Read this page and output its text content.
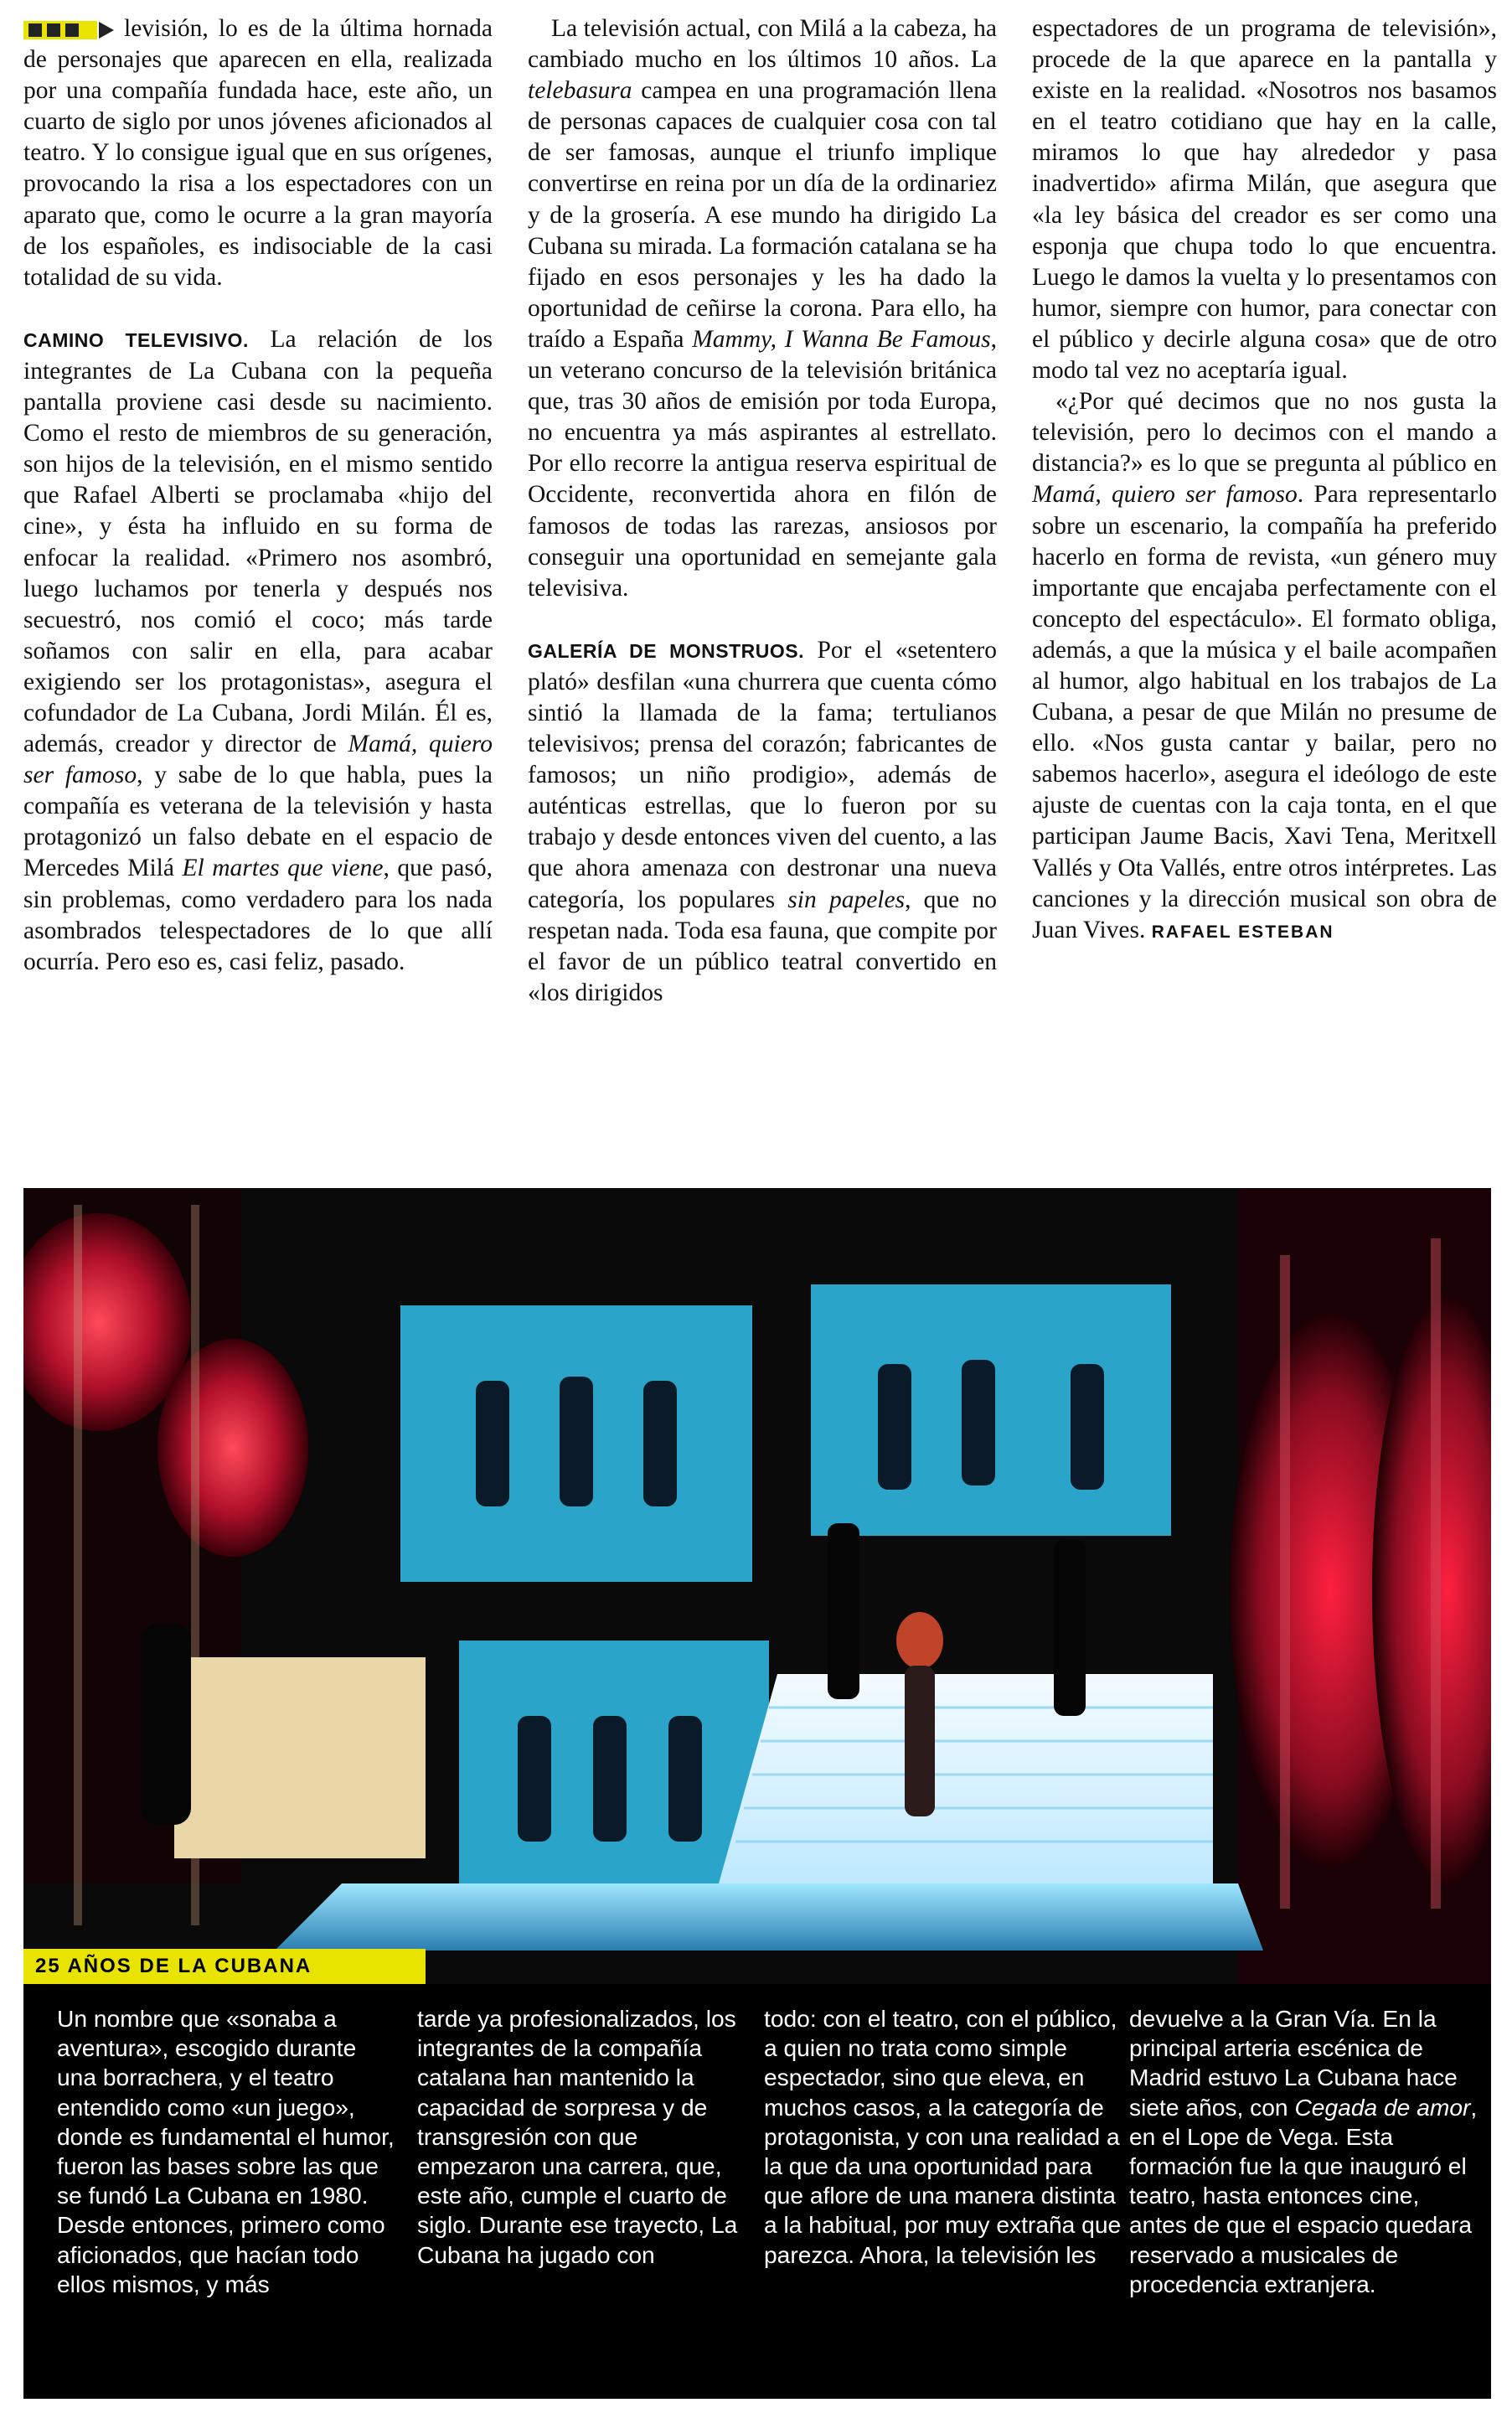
levisión, lo es de la última hornada de personajes que aparecen en ella, realizada por una compañía fundada hace, este año, un cuarto de siglo por unos jóvenes aficionados al teatro. Y lo consigue igual que en sus orígenes, provocando la risa a los espectadores con un aparato que, como le ocurre a la gran mayoría de los españoles, es indisociable de la casi totalidad de su vida.

CAMINO TELEVISIVO. La relación de los integrantes de La Cubana con la pequeña pantalla proviene casi desde su nacimiento. Como el resto de miembros de su generación, son hijos de la televisión, en el mismo sentido que Rafael Alberti se proclamaba «hijo del cine», y ésta ha influido en su forma de enfocar la realidad. «Primero nos asombró, luego luchamos por tenerla y después nos secuestró, nos comió el coco; más tarde soñamos con salir en ella, para acabar exigiendo ser los protagonistas», asegura el cofundador de La Cubana, Jordi Milán. Él es, además, creador y director de Mamá, quiero ser famoso, y sabe de lo que habla, pues la compañía es veterana de la televisión y hasta protagonizó un falso debate en el espacio de Mercedes Milá El martes que viene, que pasó, sin problemas, como verdadero para los nada asombrados telespectadores de lo que allí ocurría. Pero eso es, casi feliz, pasado.

La televisión actual, con Milá a la cabeza, ha cambiado mucho en los últimos 10 años. La telebasura campea en una programación llena de personas capaces de cualquier cosa con tal de ser famosas, aunque el triunfo implique convertirse en reina por un día de la ordinariez y de la grosería. A ese mundo ha dirigido La Cubana su mirada. La formación catalana se ha fijado en esos personajes y les ha dado la oportunidad de ceñirse la corona. Para ello, ha traído a España Mammy, I Wanna Be Famous, un veterano concurso de la televisión británica que, tras 30 años de emisión por toda Europa, no encuentra ya más aspirantes al estrellato. Por ello recorre la antigua reserva espiritual de Occidente, reconvertida ahora en filón de famosos de todas las rarezas, ansiosos por conseguir una oportunidad en semejante gala televisiva.

GALERÍA DE MONSTRUOS. Por el «setentero plató» desfilan «una churrera que cuenta cómo sintió la llamada de la fama; tertulianos televisivos; prensa del corazón; fabricantes de famosos; un niño prodigio», además de auténticas estrellas, que lo fueron por su trabajo y desde entonces viven del cuento, a las que ahora amenaza con destronar una nueva categoría, los populares sin papeles, que no respetan nada. Toda esa fauna, que compite por el favor de un público teatral convertido en «los dirigidos

espectadores de un programa de televisión», procede de la que aparece en la pantalla y existe en la realidad. «Nosotros nos basamos en el teatro cotidiano que hay en la calle, miramos lo que hay alrededor y pasa inadvertido» afirma Milán, que asegura que «la ley básica del creador es ser como una esponja que chupa todo lo que encuentra. Luego le damos la vuelta y lo presentamos con humor, siempre con humor, para conectar con el público y decirle alguna cosa» que de otro modo tal vez no aceptaría igual.

«¿Por qué decimos que no nos gusta la televisión, pero lo decimos con el mando a distancia?» es lo que se pregunta al público en Mamá, quiero ser famoso. Para representarlo sobre un escenario, la compañía ha preferido hacerlo en forma de revista, «un género muy importante que encajaba perfectamente con el concepto del espectáculo». El formato obliga, además, a que la música y el baile acompañen al humor, algo habitual en los trabajos de La Cubana, a pesar de que Milán no presume de ello. «Nos gusta cantar y bailar, pero no sabemos hacerlo», asegura el ideólogo de este ajuste de cuentas con la caja tonta, en el que participan Jaume Bacis, Xavi Tena, Meritxell Vallés y Ota Vallés, entre otros intérpretes. Las canciones y la dirección musical son obra de Juan Vives. RAFAEL ESTEBAN

25 AÑOS DE LA CUBANA

Un nombre que «sonaba a aventura», escogido durante una borrachera, y el teatro entendido como «un juego», donde es fundamental el humor, fueron las bases sobre las que se fundó La Cubana en 1980. Desde entonces, primero como aficionados, que hacían todo ellos mismos, y más

tarde ya profesionalizados, los integrantes de la compañía catalana han mantenido la capacidad de sorpresa y de transgresión con que empezaron una carrera, que, este año, cumple el cuarto de siglo. Durante ese trayecto, La Cubana ha jugado con

todo: con el teatro, con el público, a quien no trata como simple espectador, sino que eleva, en muchos casos, a la categoría de protagonista, y con una realidad a la que da una oportunidad para que aflore de una manera distinta a la habitual, por muy extraña que parezca. Ahora, la televisión les

devuelve a la Gran Vía. En la principal arteria escénica de Madrid estuvo La Cubana hace siete años, con Cegada de amor, en el Lope de Vega. Esta formación fue la que inauguró el teatro, hasta entonces cine, antes de que el espacio quedara reservado a musicales de procedencia extranjera.
